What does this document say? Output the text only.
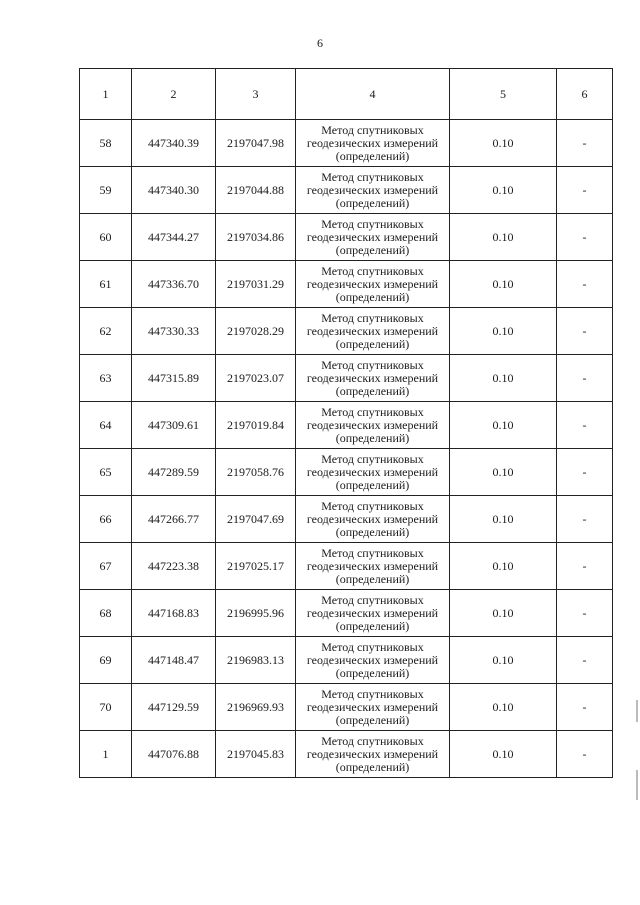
6
1	2	3	4	5	6
58	447340.39	2197047.98	Метод спутниковых
геодезических измерений
(определений)	0.10	-
59	447340.30	2197044.88	Метод спутниковых
геодезических измерений
(определений)	0.10	-
60	447344.27	2197034.86	Метод спутниковых
геодезических измерений
(определений)	0.10	-
61	447336.70	2197031.29	Метод спутниковых
геодезических измерений
(определений)	0.10	-
62	447330.33	2197028.29	Метод спутниковых
геодезических измерений
(определений)	0.10	-
63	447315.89	2197023.07	Метод спутниковых
геодезических измерений
(определений)	0.10	-
64	447309.61	2197019.84	Метод спутниковых
геодезических измерений
(определений)	0.10	-
65	447289.59	2197058.76	Метод спутниковых
геодезических измерений
(определений)	0.10	-
66	447266.77	2197047.69	Метод спутниковых
геодезических измерений
(определений)	0.10	-
67	447223.38	2197025.17	Метод спутниковых
геодезических измерений
(определений)	0.10	-
68	447168.83	2196995.96	Метод спутниковых
геодезических измерений
(определений)	0.10	-
69	447148.47	2196983.13	Метод спутниковых
геодезических измерений
(определений)	0.10	-
70	447129.59	2196969.93	Метод спутниковых
геодезических измерений
(определений)	0.10	-
1	447076.88	2197045.83	Метод спутниковых
геодезических измерений
(определений)	0.10	-
